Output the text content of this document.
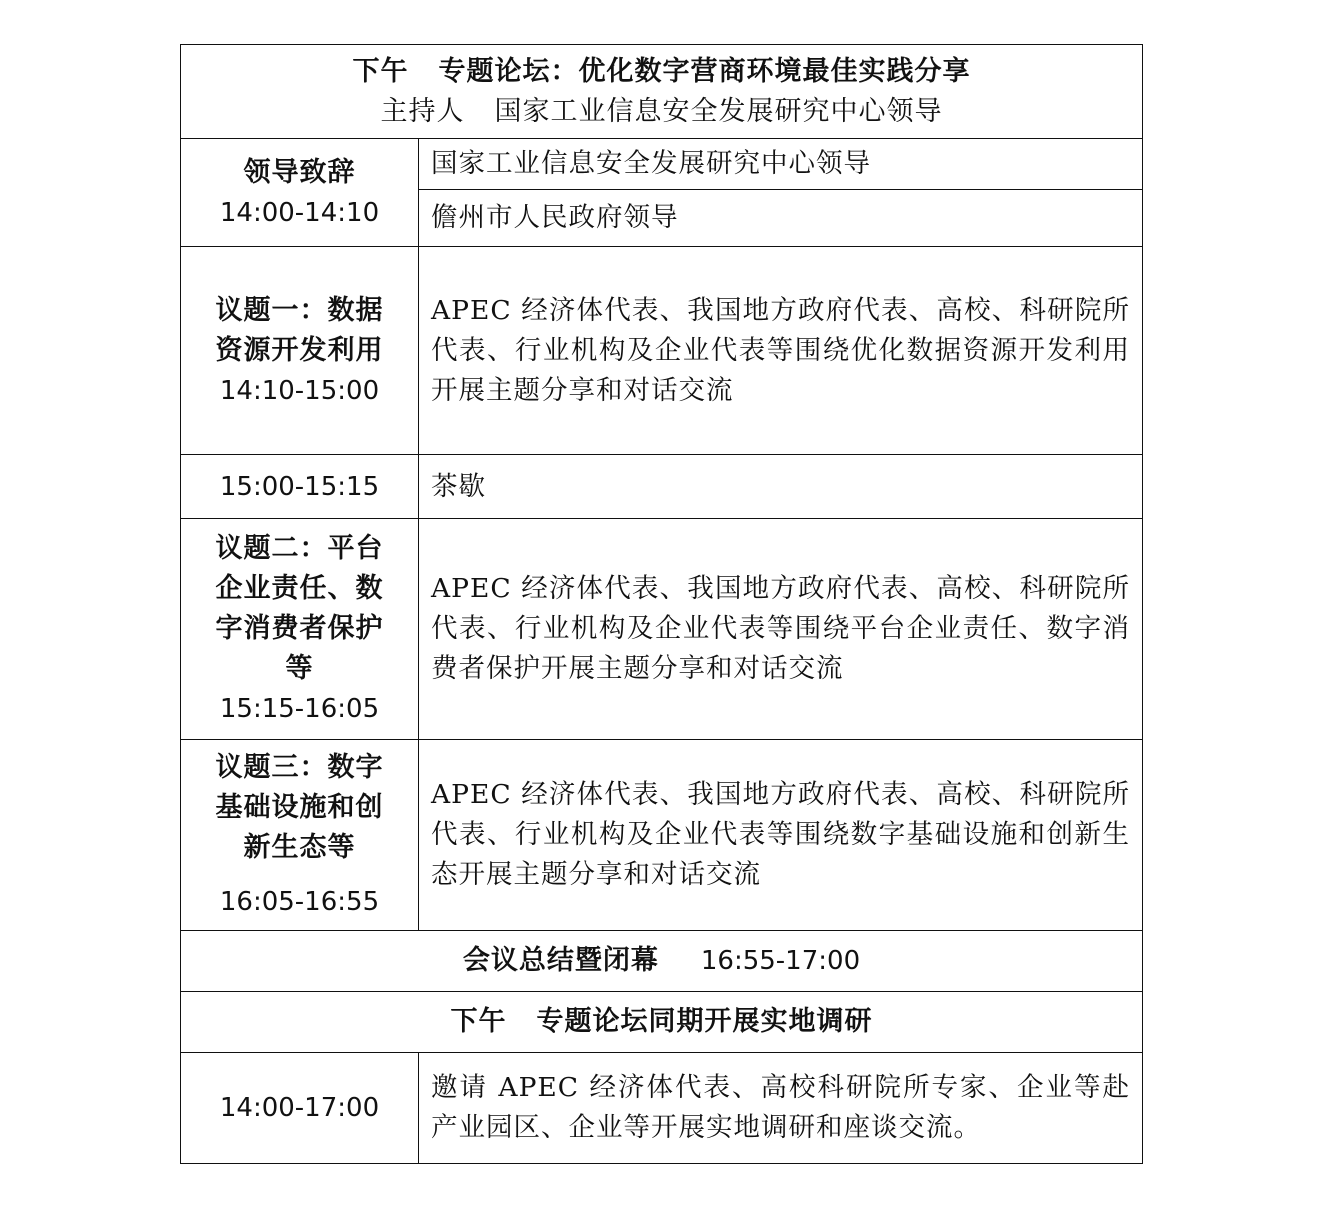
下午 专题论坛：优化数字营商环境最佳实践分享
主持人 国家工业信息安全发展研究中心领导	

领导致辞
14:00-14:10	国家工业信息安全发展研究中心领导
	儋州市人民政府领导

议题一：数据
资源开发利用
14:10-15:00	APEC 经济体代表、我国地方政府代表、高校、科研院所代表、行业机构及企业代表等围绕优化数据资源开发利用开展主题分享和对话交流

15:00-15:15	茶歇

议题二：平台
企业责任、数
字消费者保护
等
15:15-16:05	APEC 经济体代表、我国地方政府代表、高校、科研院所代表、行业机构及企业代表等围绕平台企业责任、数字消费者保护开展主题分享和对话交流

议题三：数字
基础设施和创
新生态等
16:05-16:55	APEC 经济体代表、我国地方政府代表、高校、科研院所代表、行业机构及企业代表等围绕数字基础设施和创新生态开展主题分享和对话交流
会议总结暨闭幕 16:55-17:00	
下午 专题论坛同期开展实地调研	

14:00-17:00	邀请 APEC 经济体代表、高校科研院所专家、企业等赴产业园区、企业等开展实地调研和座谈交流。
